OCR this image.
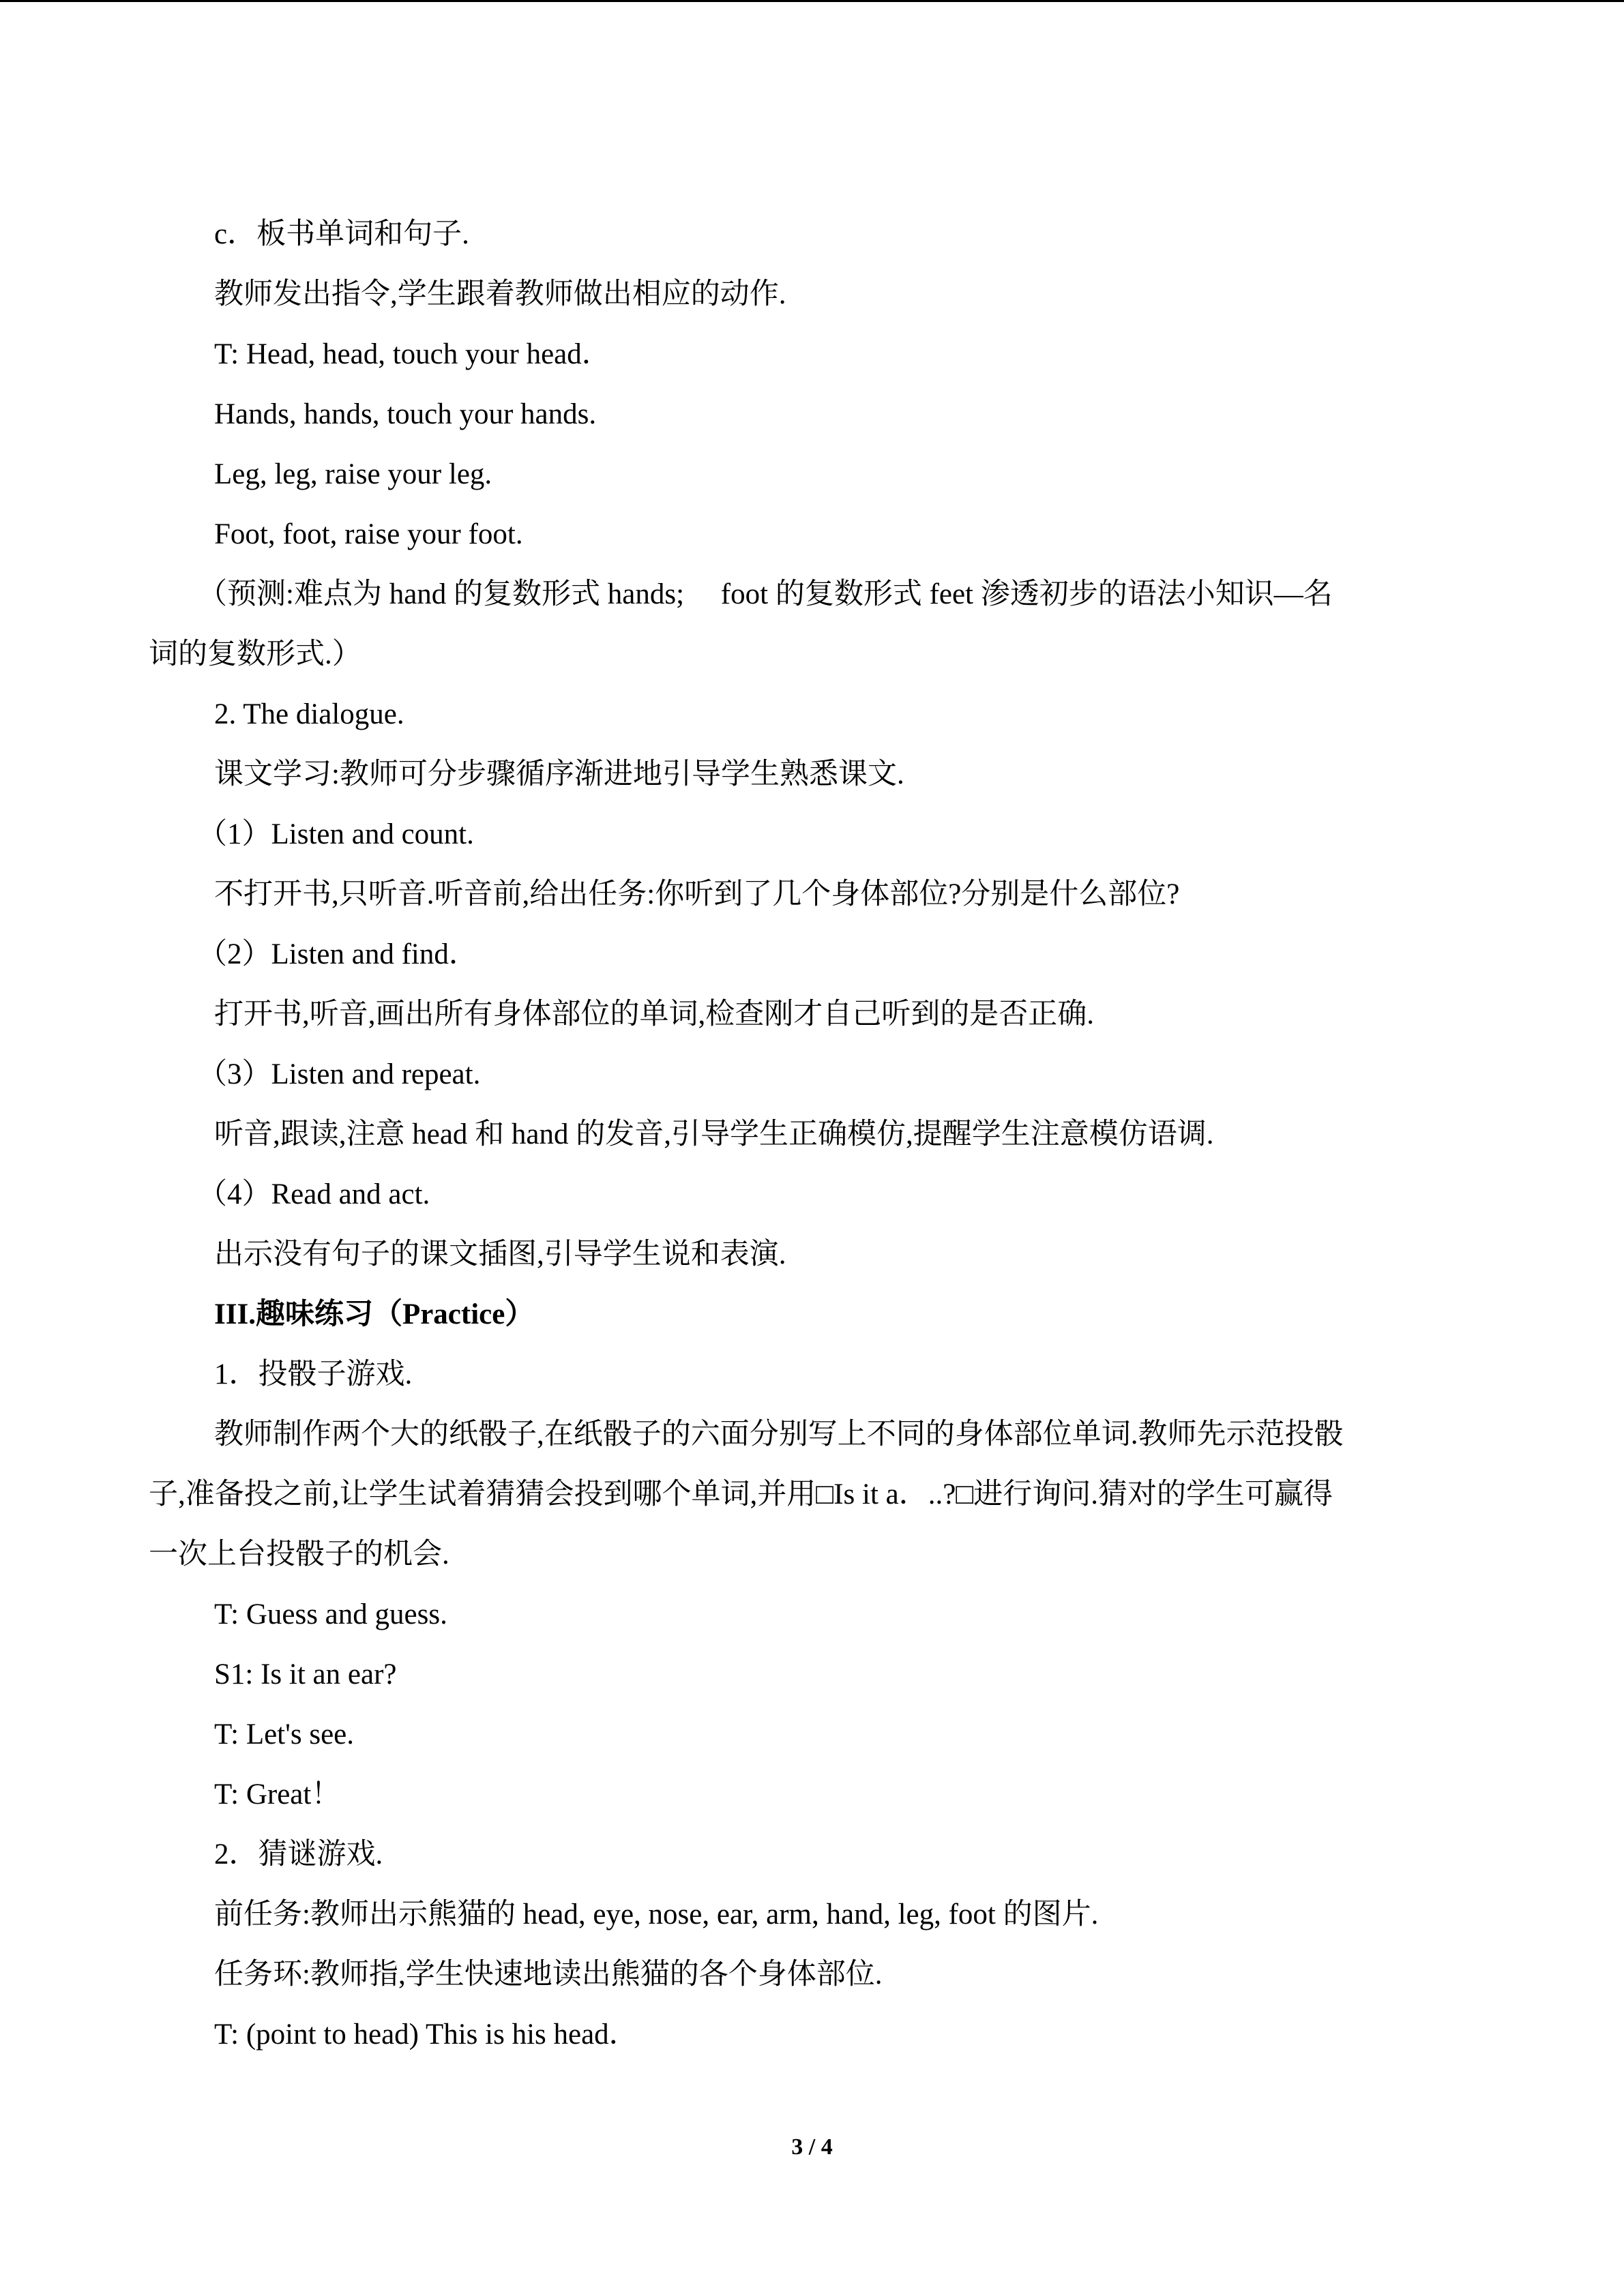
c．板书单词和句子.
教师发出指令,学生跟着教师做出相应的动作.
T: Head, head, touch your head．
Hands, hands, touch your hands.
Leg, leg, raise your leg.
Foot, foot, raise your foot.
（预测:难点为 hand 的复数形式 hands;　 foot 的复数形式 feet 渗透初步的语法小知识—名
词的复数形式.）
2. The dialogue.
课文学习:教师可分步骤循序渐进地引导学生熟悉课文.
（1）Listen and count.
不打开书,只听音.听音前,给出任务:你听到了几个身体部位?分别是什么部位?
（2）Listen and find．
打开书,听音,画出所有身体部位的单词,检查刚才自己听到的是否正确.
（3）Listen and repeat.
听音,跟读,注意 head 和 hand 的发音,引导学生正确模仿,提醒学生注意模仿语调.
（4）Read and act.
出示没有句子的课文插图,引导学生说和表演.
III.趣味练习（Practice）
1．投骰子游戏.
教师制作两个大的纸骰子,在纸骰子的六面分别写上不同的身体部位单词.教师先示范投骰
子,准备投之前,让学生试着猜猜会投到哪个单词,并用□Is it a．..?□进行询问.猜对的学生可赢得
一次上台投骰子的机会.
T: Guess and guess.
S1: Is it an ear?
T: Let's see.
T: Great！
2．猜谜游戏.
前任务:教师出示熊猫的 head, eye, nose, ear, arm, hand, leg, foot 的图片.
任务环:教师指,学生快速地读出熊猫的各个身体部位.
T: (point to head) This is his head．
3 / 4
